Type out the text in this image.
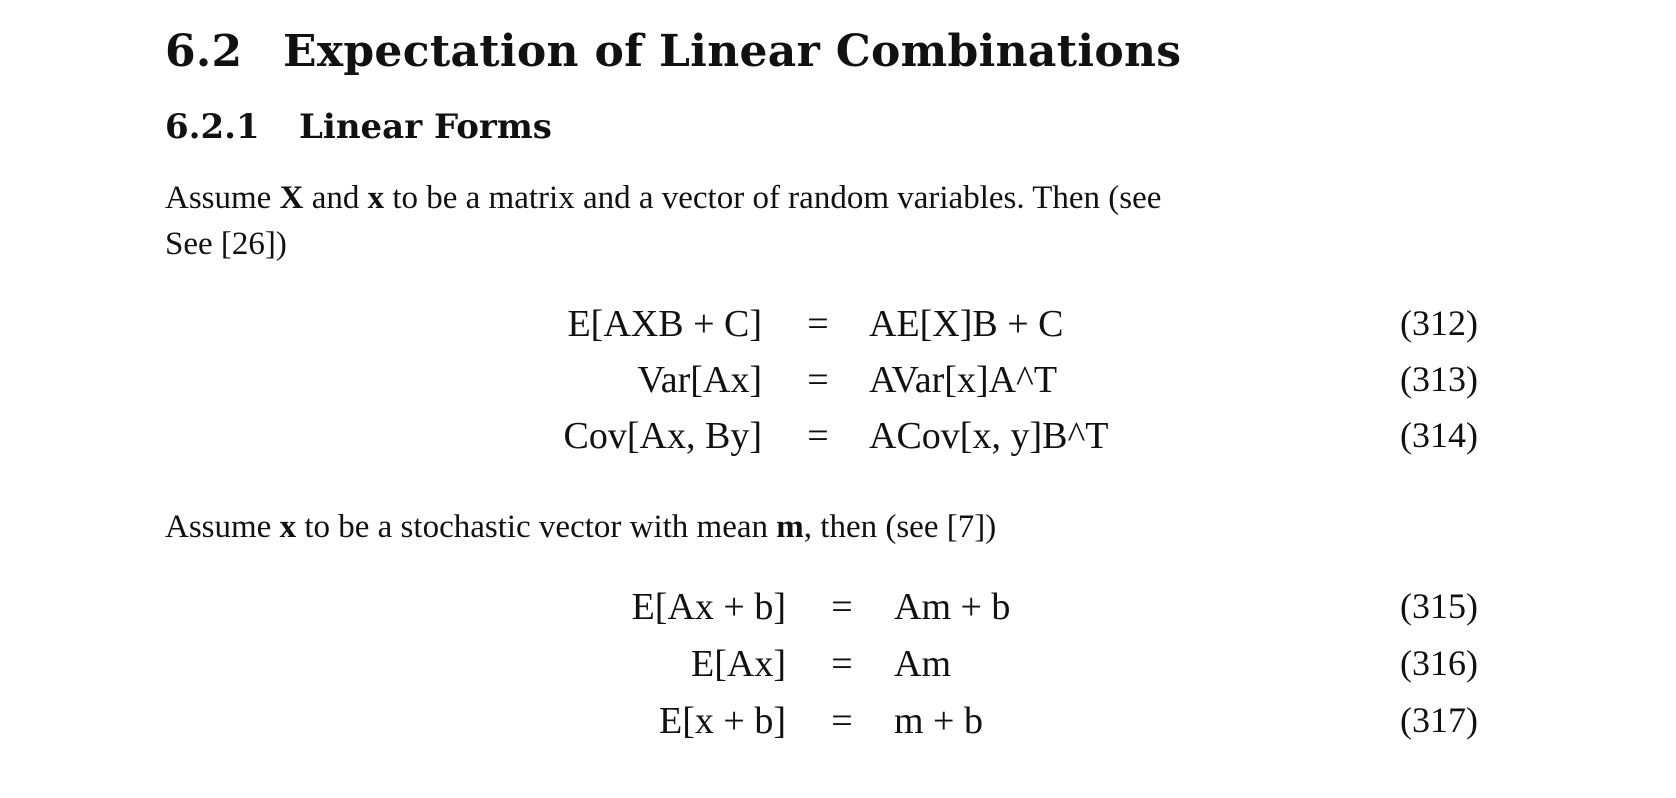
6.2 Expectation of Linear Combinations
6.2.1 Linear Forms
Assume X and x to be a matrix and a vector of random variables. Then (see
See [26])
E[AXB + C] = AE[X]B + C	(312)
Var[Ax] = AVar[x]A^T	(313)
Cov[Ax, By] = ACov[x, y]B^T	(314)
Assume x to be a stochastic vector with mean m, then (see [7])
E[Ax + b] = Am + b	(315)
E[Ax] = Am	(316)
E[x + b] = m + b	(317)
